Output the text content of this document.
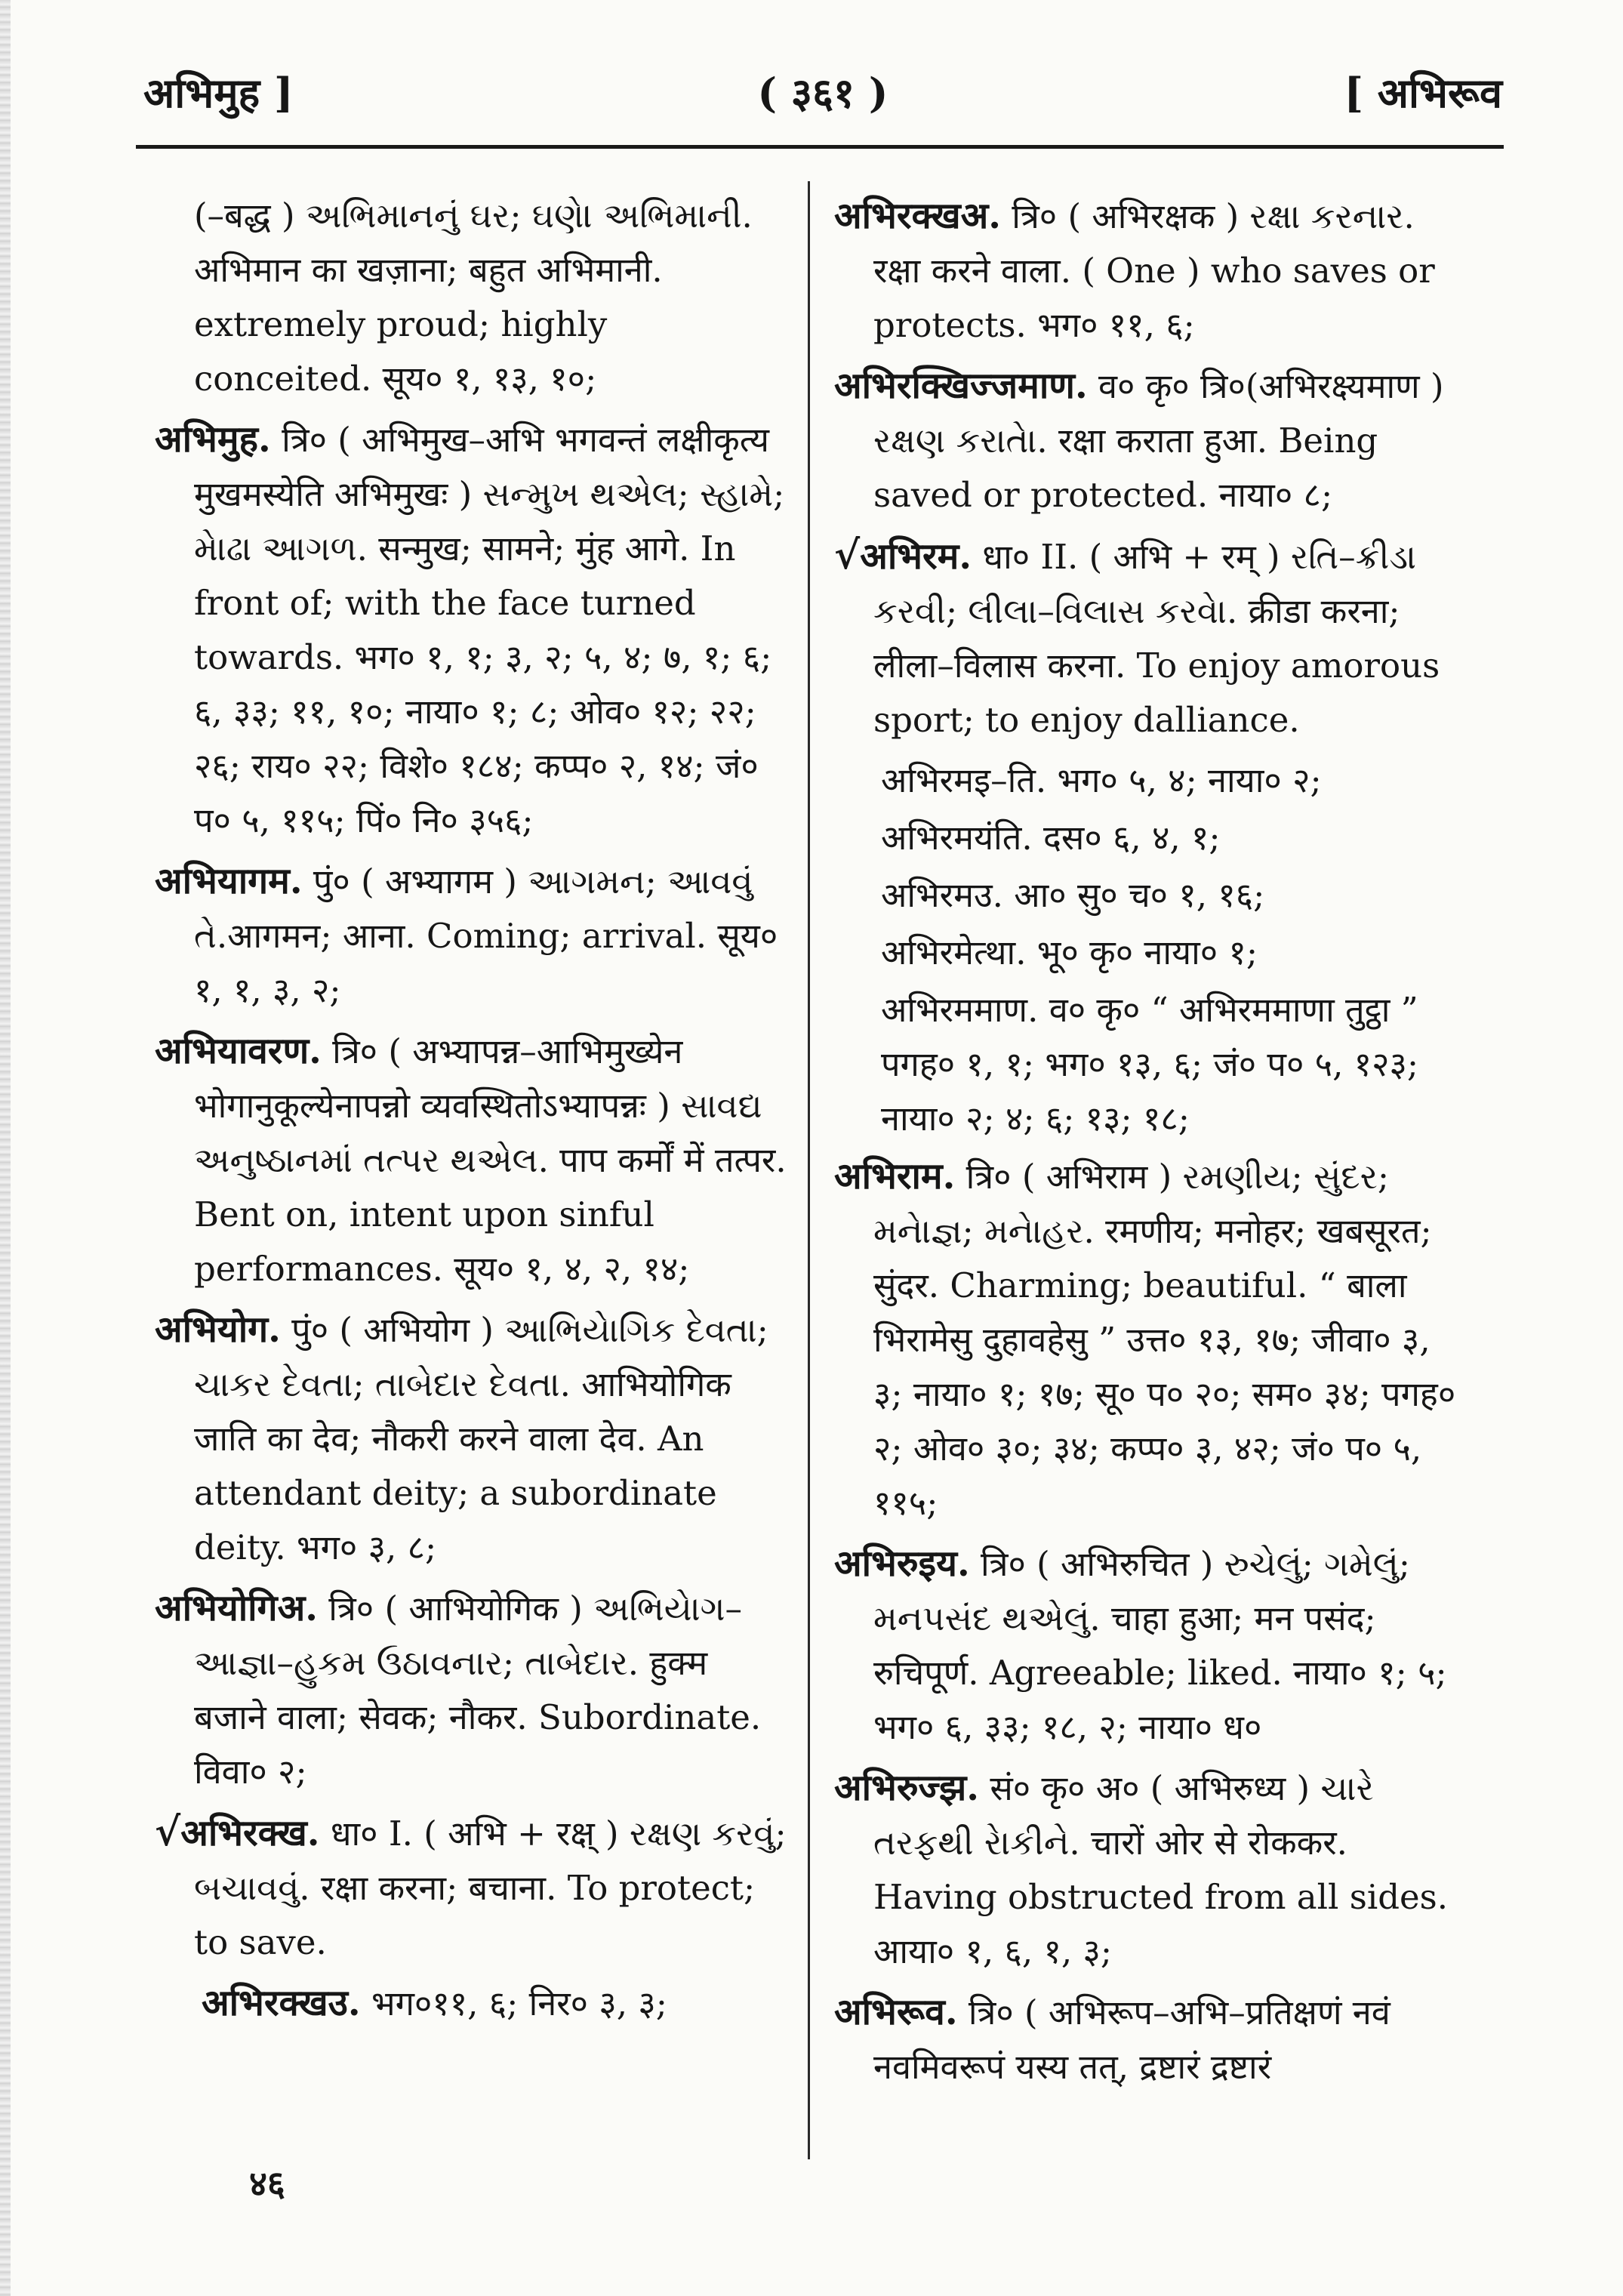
अभिमुह ]	( ३६१ )	[ अभिरूव
(–बद्ध ) અભિમાનનું ઘર; ઘણે। અભિમાની. अभिमान का खज़ाना; बहुत अभिमानी. extremely proud; highly conceited. सूय० १, १३, १०;
अभिमुह. त्रि० ( अभिमुख–अभि भगवन्तं लक्षीकृत्य मुखमस्येति अभिमुखः ) સન્મુખ થએલ; સ્હામે; મેાઢા આગળ. सन्मुख; सामने; मुंह आगे. In front of; with the face turned towards. भग० १, १; ३, २; ५, ४; ७, १; ६; ६, ३३; ११, १०; नाया० १; ८; ओव० १२; २२; २६; राय० २२; विशे० १८४; कप्प० २, १४; जं० प० ५, ११५; पिं० नि० ३५६;
अभियागम. पुं० ( अभ्यागम ) આગમન; આવવું તે.आगमन; आना. Coming; arrival. सूय० १, १, ३, २;
अभियावरण. त्रि० ( अभ्यापन्न–आभिमुख्येन भोगानुकूल्येनापन्नो व्यवस्थितोऽभ्यापन्नः ) સાવદ્ય અનુષ્ઠાનમાં તત્પર થએલ. पाप कर्मों में तत्पर. Bent on, intent upon sinful performances. सूय० १, ४, २, १४;
अभियोग. पुं० ( अभियोग ) આભિયેાગિક દેવતા; ચાકર દેવતા; તાબેદાર દેવતા. आभियोगिक जाति का देव; नौकरी करने वाला देव. An attendant deity; a subordinate deity. भग० ३, ८;
अभियोगिअ. त्रि० ( आभियोगिक ) અભિયેાગ–આજ્ઞા–હુકમ ઉઠાવનાર; તાબેદાર. हुक्म बजाने वाला; सेवक; नौकर. Subordinate. विवा० २;
√अभिरक्ख. धा० I. ( अभि + रक्ष् ) રક્ષણ કરવું; બચાવવું. रक्षा करना; बचाना. To protect; to save.
अभिरक्खउ. भग०११, ६; निर० ३, ३;
अभिरक्खअ. त्रि० ( अभिरक्षक ) રક્ષા કરનાર. रक्षा करने वाला. ( One ) who saves or protects. भग० ११, ६;
अभिरक्खिज्जमाण. व० कृ० त्रि०(अभिरक्ष्यमाण ) રક્ષણ કરાતેા. रक्षा कराता हुआ. Being saved or protected. नाया० ८;
√अभिरम. धा० II. ( अभि + रम् ) રતિ–ક્રીડા કરવી; લીલા–વિલાસ કરવેા. क्रीडा करना; लीला–विलास करना. To enjoy amorous sport; to enjoy dalliance.
अभिरमइ–ति. भग० ५, ४; नाया० २;
अभिरमयंति. दस० ६, ४, १;
अभिरमउ. आ० सु० च० १, १६;
अभिरमेत्था. भू० कृ० नाया० १;
अभिरममाण. व० कृ० “ अभिरममाणा तुट्ठा ” पगह० १, १; भग० १३, ६; जं० प० ५, १२३; नाया० २; ४; ६; १३; १८;
अभिराम. त्रि० ( अभिराम ) રમણીય; સુંદર; મનેાજ્ઞ; મનેાહર. रमणीय; मनोहर; खबसूरत; सुंदर. Charming; beautiful. “ बाला भिरामेसु दुहावहेसु ” उत्त० १३, १७; जीवा० ३, ३; नाया० १; १७; सू० प० २०; सम० ३४; पगह० २; ओव० ३०; ३४; कप्प० ३, ४२; जं० प० ५, ११५;
अभिरुइय. त्रि० ( अभिरुचित ) રુચેલું; ગમેલું; મનપસંદ થએલું. चाहा हुआ; मन पसंद; रुचिपूर्ण. Agreeable; liked. नाया० १; ५; भग० ६, ३३; १८, २; नाया० ध०
अभिरुज्झ. सं० कृ० अ० ( अभिरुध्य ) ચારે તરફથી રેાકીને. चारों ओर से रोककर. Having obstructed from all sides. आया० १, ६, १, ३;
अभिरूव. त्रि० ( अभिरूप–अभि–प्रतिक्षणं नवं नवमिवरूपं यस्य तत्, द्रष्टारं द्रष्टारं
४६
